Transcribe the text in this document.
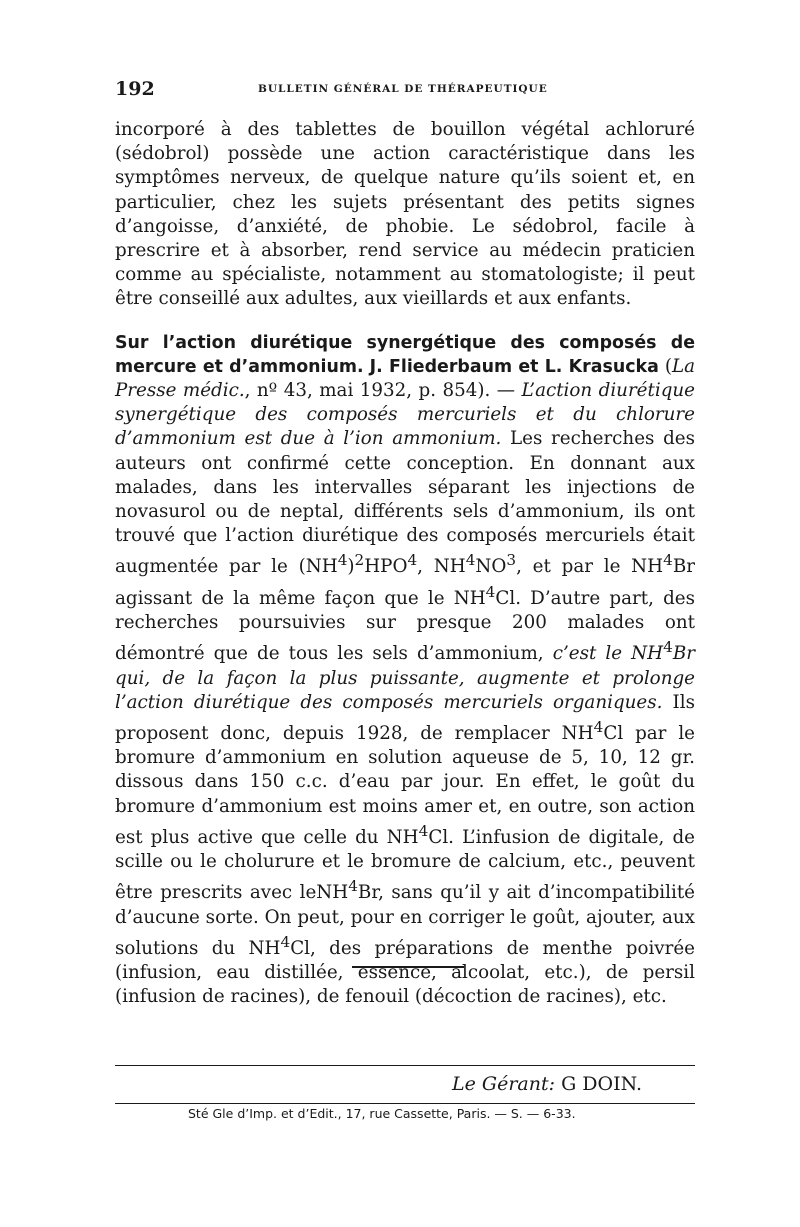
192	BULLETIN GÉNÉRAL DE THÉRAPEUTIQUE

incorporé à des tablettes de bouillon végétal achloruré (sédobrol) possède une action caractéristique dans les symptômes nerveux, de quelque nature qu’ils soient et, en particulier, chez les sujets présentant des petits signes d’angoisse, d’anxiété, de phobie. Le sédobrol, facile à prescrire et à absorber, rend service au médecin praticien comme au spécialiste, notamment au stomatologiste; il peut être conseillé aux adultes, aux vieillards et aux enfants.

Sur l’action diurétique synergétique des composés de mercure et d’ammonium. J. Fliederbaum et L. Krasucka (La Presse médic., nº 43, mai 1932, p. 854). — L’action diurétique synergétique des composés mercuriels et du chlorure d’ammonium est due à l’ion ammonium. Les recherches des auteurs ont confirmé cette conception. En donnant aux malades, dans les intervalles séparant les injections de novasurol ou de neptal, différents sels d’ammonium, ils ont trouvé que l’action diurétique des composés mercuriels était augmentée par le $(NH^4)^2HPO^4$, $NH^4NO^3$, et par le $NH^4Br$ agissant de la même façon que le $NH^4Cl$. D’autre part, des recherches poursuivies sur presque 200 malades ont démontré que de tous les sels d’ammonium, c’est le $NH^4Br$ qui, de la façon la plus puissante, augmente et prolonge l’action diurétique des composés mercuriels organiques. Ils proposent donc, depuis 1928, de remplacer $NH^4Cl$ par le bromure d’ammonium en solution aqueuse de 5, 10, 12 gr. dissous dans 150 c.c. d’eau par jour. En effet, le goût du bromure d’ammonium est moins amer et, en outre, son action est plus active que celle du $NH^4Cl$. L’infusion de digitale, de scille ou le cholurure et le bromure de calcium, etc., peuvent être prescrits avec leNH$^4$Br, sans qu’il y ait d’incompatibilité d’aucune sorte. On peut, pour en corriger le goût, ajouter, aux solutions du $NH^4Cl$, des préparations de menthe poivrée (infusion, eau distillée, essence, alcoolat, etc.), de persil (infusion de racines), de fenouil (décoction de racines), etc.

Le Gérant: G DOIN.
Sté Gle d’Imp. et d’Edit., 17, rue Cassette, Paris. — S. — 6-33.
